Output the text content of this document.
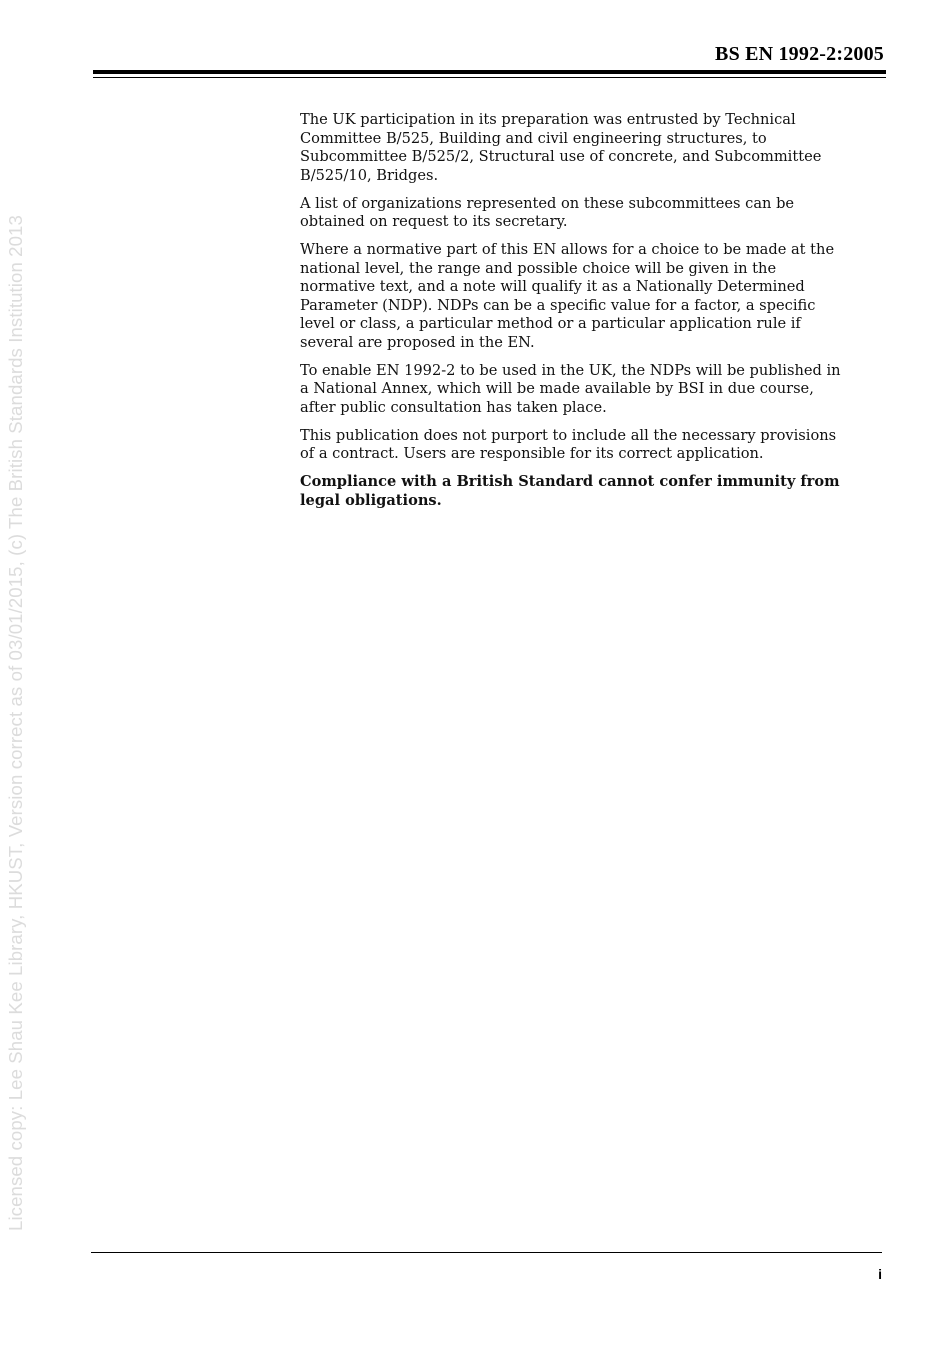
BS EN 1992-2:2005
Licensed copy: Lee Shau Kee Library, HKUST, Version correct as of 03/01/2015, (c) The British Standards Institution 2013

The UK participation in its preparation was entrusted by Technical Committee B/525, Building and civil engineering structures, to Subcommittee B/525/2, Structural use of concrete, and Subcommittee B/525/10, Bridges.

A list of organizations represented on these subcommittees can be obtained on request to its secretary.

Where a normative part of this EN allows for a choice to be made at the national level, the range and possible choice will be given in the normative text, and a note will qualify it as a Nationally Determined Parameter (NDP). NDPs can be a specific value for a factor, a specific level or class, a particular method or a particular application rule if several are proposed in the EN.

To enable EN 1992-2 to be used in the UK, the NDPs will be published in a National Annex, which will be made available by BSI in due course, after public consultation has taken place.

This publication does not purport to include all the necessary provisions of a contract. Users are responsible for its correct application.

Compliance with a British Standard cannot confer immunity from legal obligations.

i
